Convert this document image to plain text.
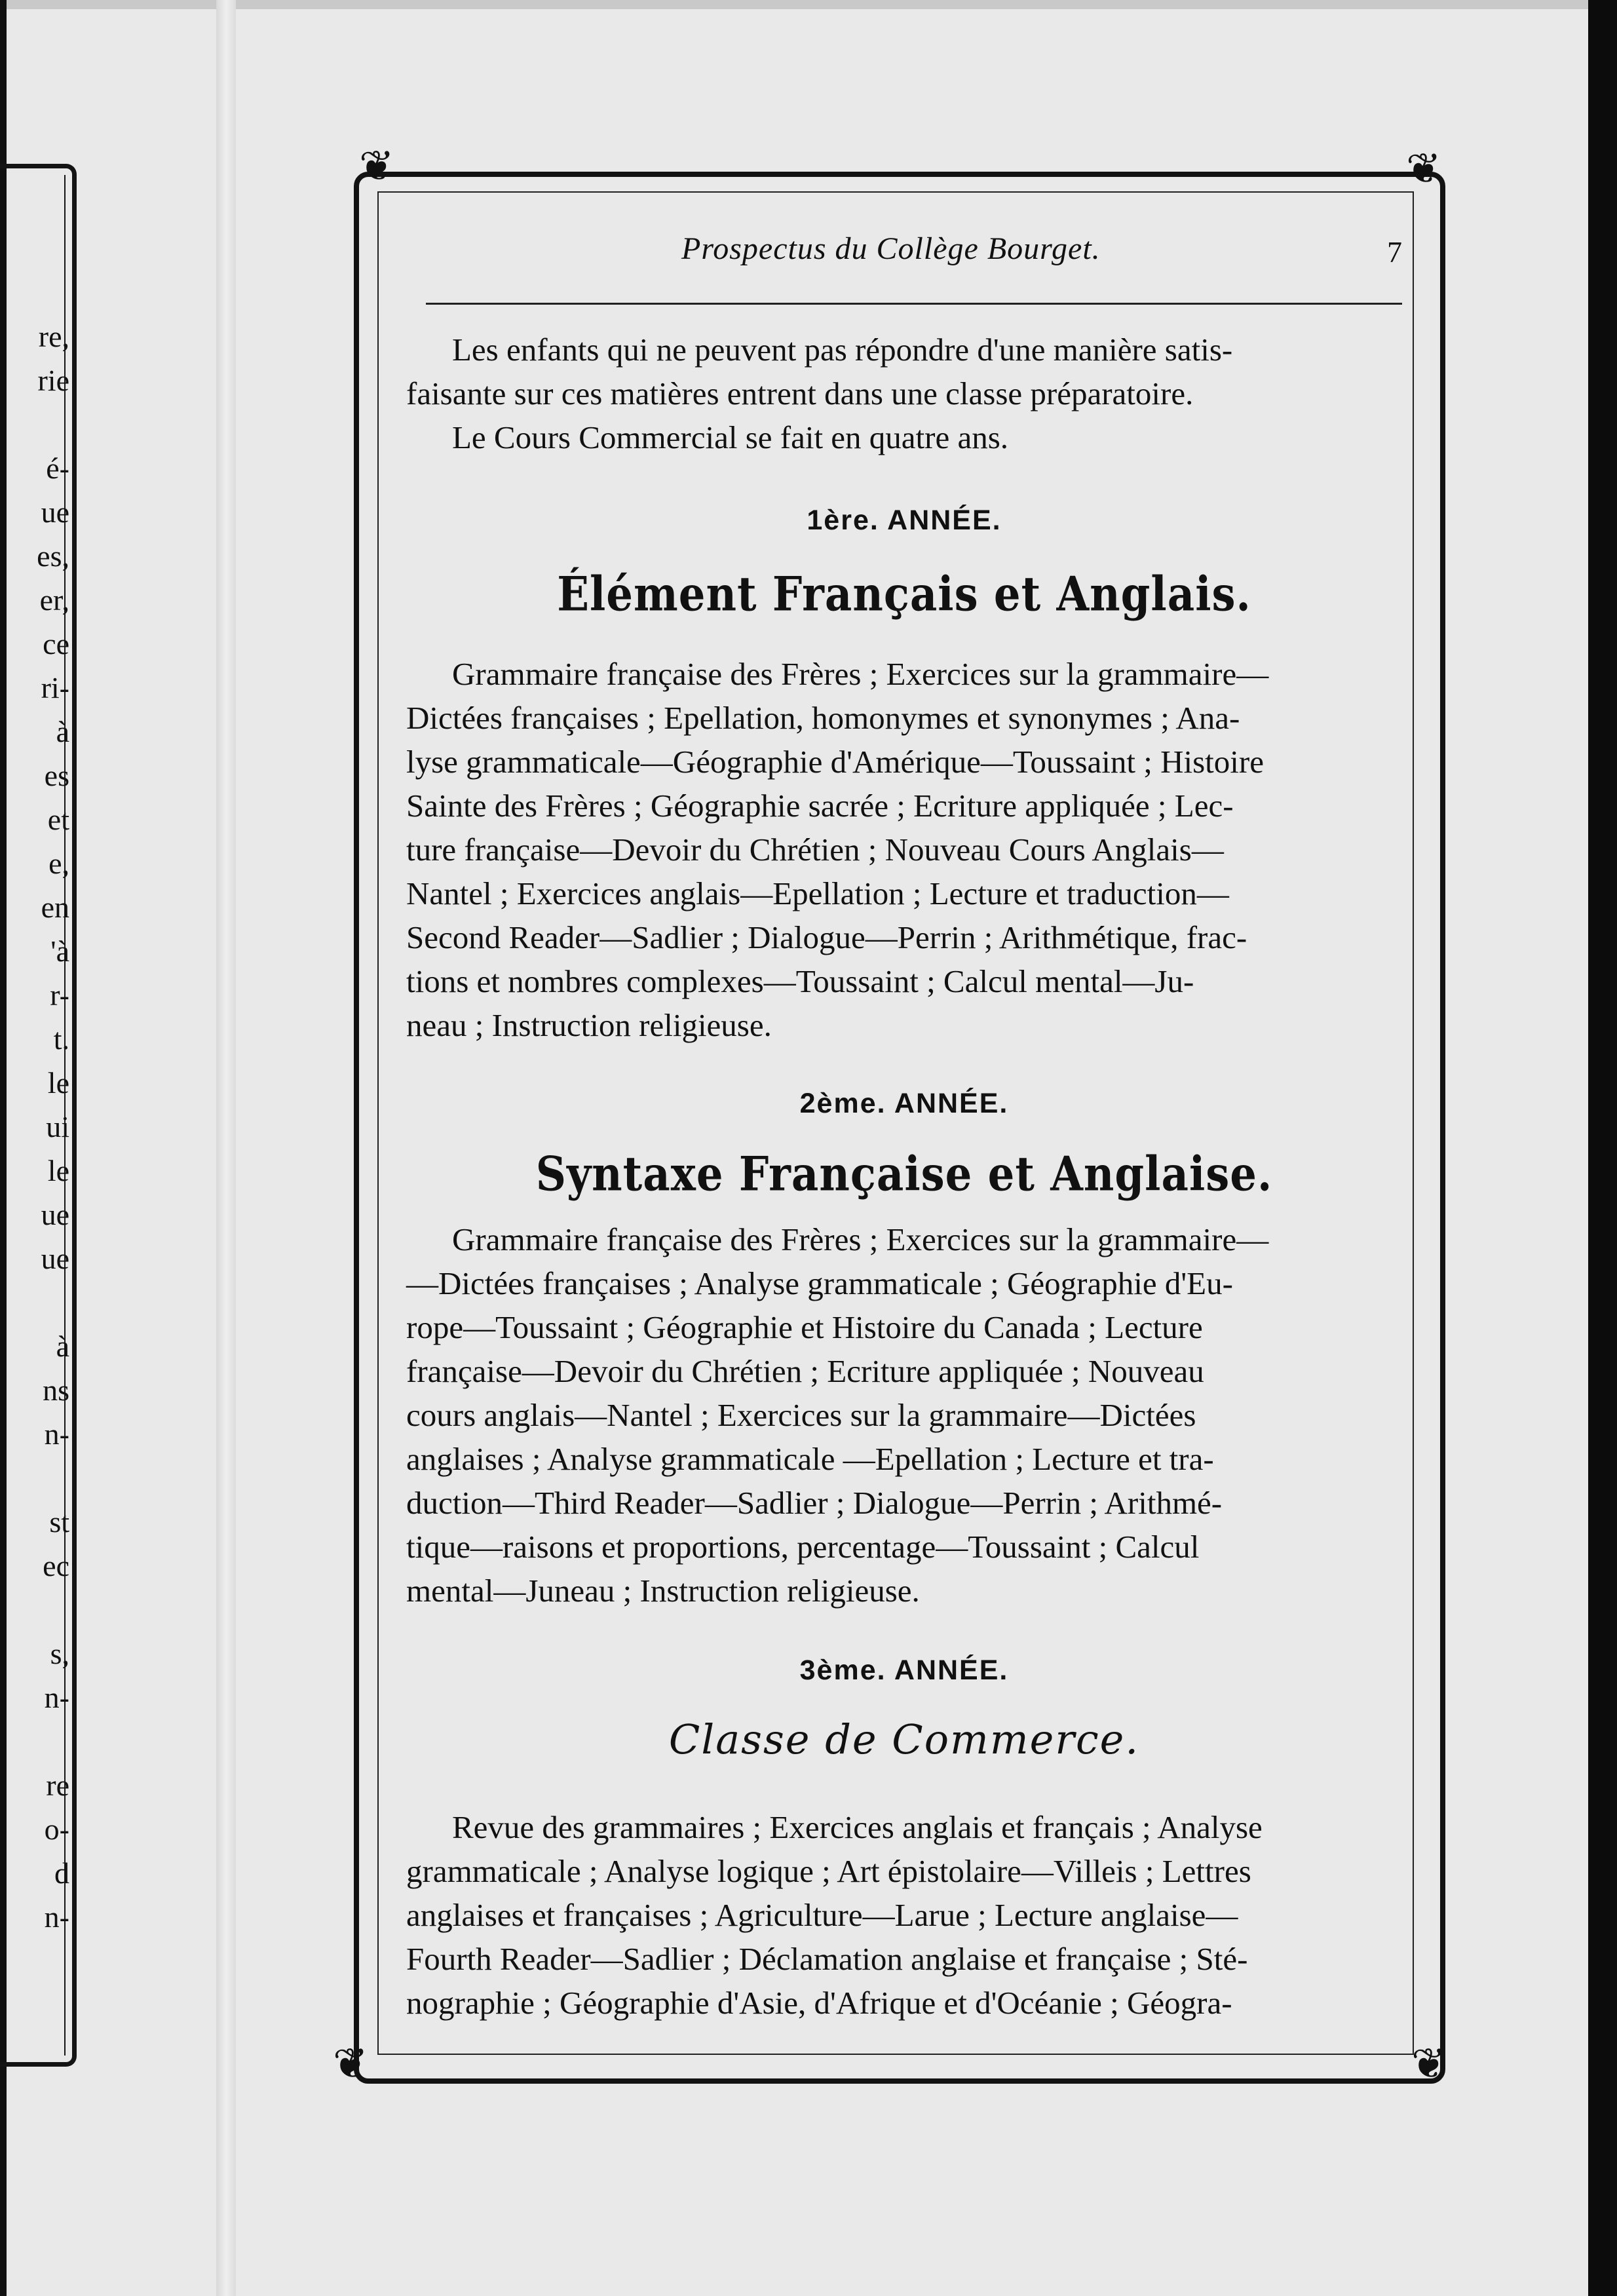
re,
rie
é-
ue
es,
er,
ce
ri-
à
es
et
e,
en
'à
r-
t.
le
ui
le
ue
ue
à
ns
n-
st
ec
s,
n-
re
o-
d
n-
❦	❦
❦	❦
Prospectus du Collège Bourget.	7

Les enfants qui ne peuvent pas répondre d'une manière satis-

faisante sur ces matières entrent dans une classe préparatoire.

Le Cours Commercial se fait en quatre ans.

1ère. ANNÉE.

Élément Français et Anglais.

Grammaire française des Frères ; Exercices sur la grammaire—

Dictées françaises ; Epellation, homonymes et synonymes ; Ana-

lyse grammaticale—Géographie d'Amérique—Toussaint ; Histoire

Sainte des Frères ; Géographie sacrée ; Ecriture appliquée ; Lec-

ture française—Devoir du Chrétien ; Nouveau Cours Anglais—

Nantel ; Exercices anglais—Epellation ; Lecture et traduction—

Second Reader—Sadlier ; Dialogue—Perrin ; Arithmétique, frac-

tions et nombres complexes—Toussaint ; Calcul mental—Ju-

neau ; Instruction religieuse.

2ème. ANNÉE.

Syntaxe Française et Anglaise.

Grammaire française des Frères ; Exercices sur la grammaire—

—Dictées françaises ; Analyse grammaticale ; Géographie d'Eu-

rope—Toussaint ; Géographie et Histoire du Canada ; Lecture

française—Devoir du Chrétien ; Ecriture appliquée ; Nouveau

cours anglais—Nantel ; Exercices sur la grammaire—Dictées

anglaises ; Analyse grammaticale —Epellation ; Lecture et tra-

duction—Third Reader—Sadlier ; Dialogue—Perrin ; Arithmé-

tique—raisons et proportions, percentage—Toussaint ; Calcul

mental—Juneau ; Instruction religieuse.

3ème. ANNÉE.

Classe de Commerce.

Revue des grammaires ; Exercices anglais et français ; Analyse

grammaticale ; Analyse logique ; Art épistolaire—Villeis ; Lettres

anglaises et françaises ; Agriculture—Larue ; Lecture anglaise—

Fourth Reader—Sadlier ; Déclamation anglaise et française ; Sté-

nographie ; Géographie d'Asie, d'Afrique et d'Océanie ; Géogra-
